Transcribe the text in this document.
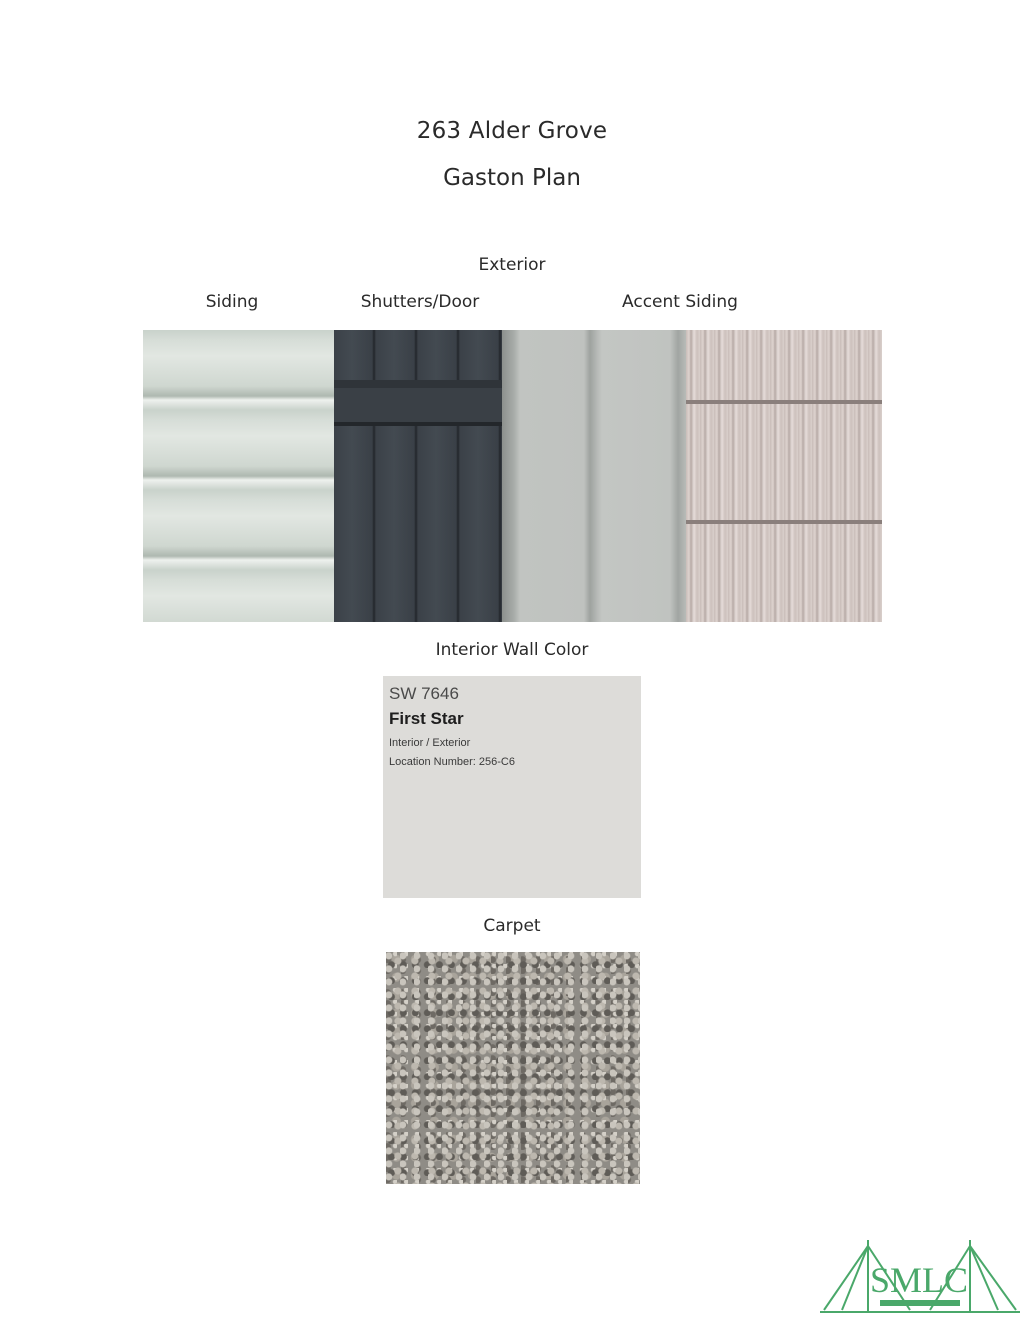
263 Alder Grove
Gaston Plan
Exterior
Siding	Shutters/Door	Accent Siding
Interior Wall Color
SW 7646
First Star
Interior / Exterior
Location Number: 256-C6
Carpet
SMLC
